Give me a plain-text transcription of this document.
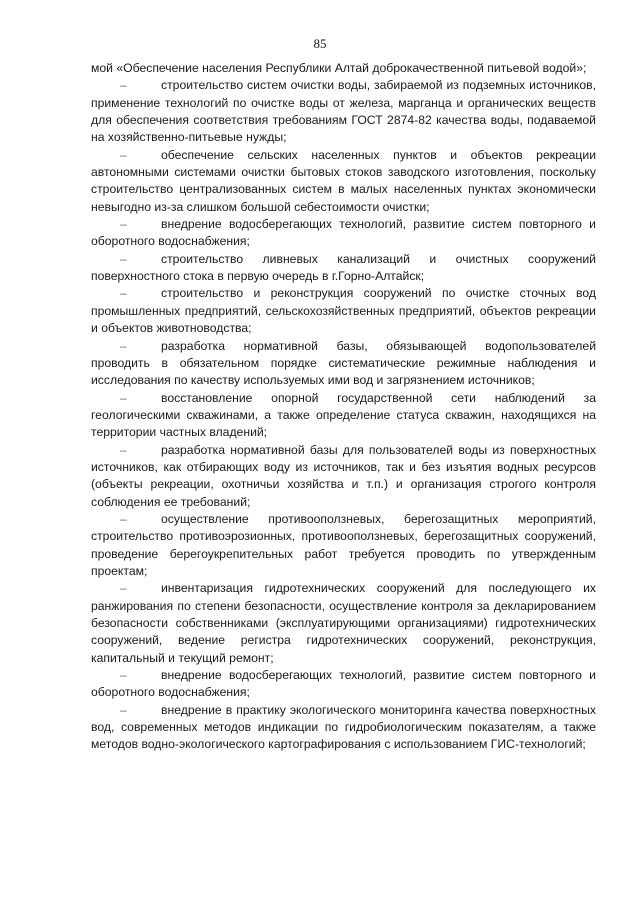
85

мой «Обеспечение населения Республики Алтай доброкачественной питьевой водой»;

–	строительство систем очистки воды, забираемой из подземных источников, применение технологий по очистке воды от железа, марганца и органических веществ для обеспечения соответствия требованиям ГОСТ 2874-82 качества воды, подаваемой на хозяйственно-питьевые нужды;

–	обеспечение сельских населенных пунктов и объектов рекреации автономными системами очистки бытовых стоков заводского изготовления, поскольку строительство централизованных систем в малых населенных пунктах экономически невыгодно из-за слишком большой себестоимости очистки;

–	внедрение водосберегающих технологий, развитие систем повторного и оборотного водоснабжения;

–	строительство ливневых канализаций и очистных сооружений поверхностного стока в первую очередь в г.Горно-Алтайск;

–	строительство и реконструкция сооружений по очистке сточных вод промышленных предприятий, сельскохозяйственных предприятий, объектов рекреации и объектов животноводства;

–	разработка нормативной базы, обязывающей водопользователей проводить в обязательном порядке систематические режимные наблюдения и исследования по качеству используемых ими вод и загрязнением источников;

–	восстановление опорной государственной сети наблюдений за геологическими скважинами, а также определение статуса скважин, находящихся на территории частных владений;

–	разработка нормативной базы для пользователей воды из поверхностных источников, как отбирающих воду из источников, так и без изъятия водных ресурсов (объекты рекреации, охотничьи хозяйства и т.п.) и организация строгого контроля соблюдения ее требований;

–	осуществление противооползневых, берегозащитных мероприятий, строительство противоэрозионных, противооползневых, берегозащитных сооружений, проведение берегоукрепительных работ требуется проводить по утвержденным проектам;

–	инвентаризация гидротехнических сооружений для последующего их ранжирования по степени безопасности, осуществление контроля за декларированием безопасности собственниками (эксплуатирующими организациями) гидротехнических сооружений, ведение регистра гидротехнических сооружений, реконструкция, капитальный и текущий ремонт;

–	внедрение водосберегающих технологий, развитие систем повторного и оборотного водоснабжения;

–	внедрение в практику экологического мониторинга качества поверхностных вод, современных методов индикации по гидробиологическим показателям, а также методов водно-экологического картографирования с использованием ГИС-технологий;
